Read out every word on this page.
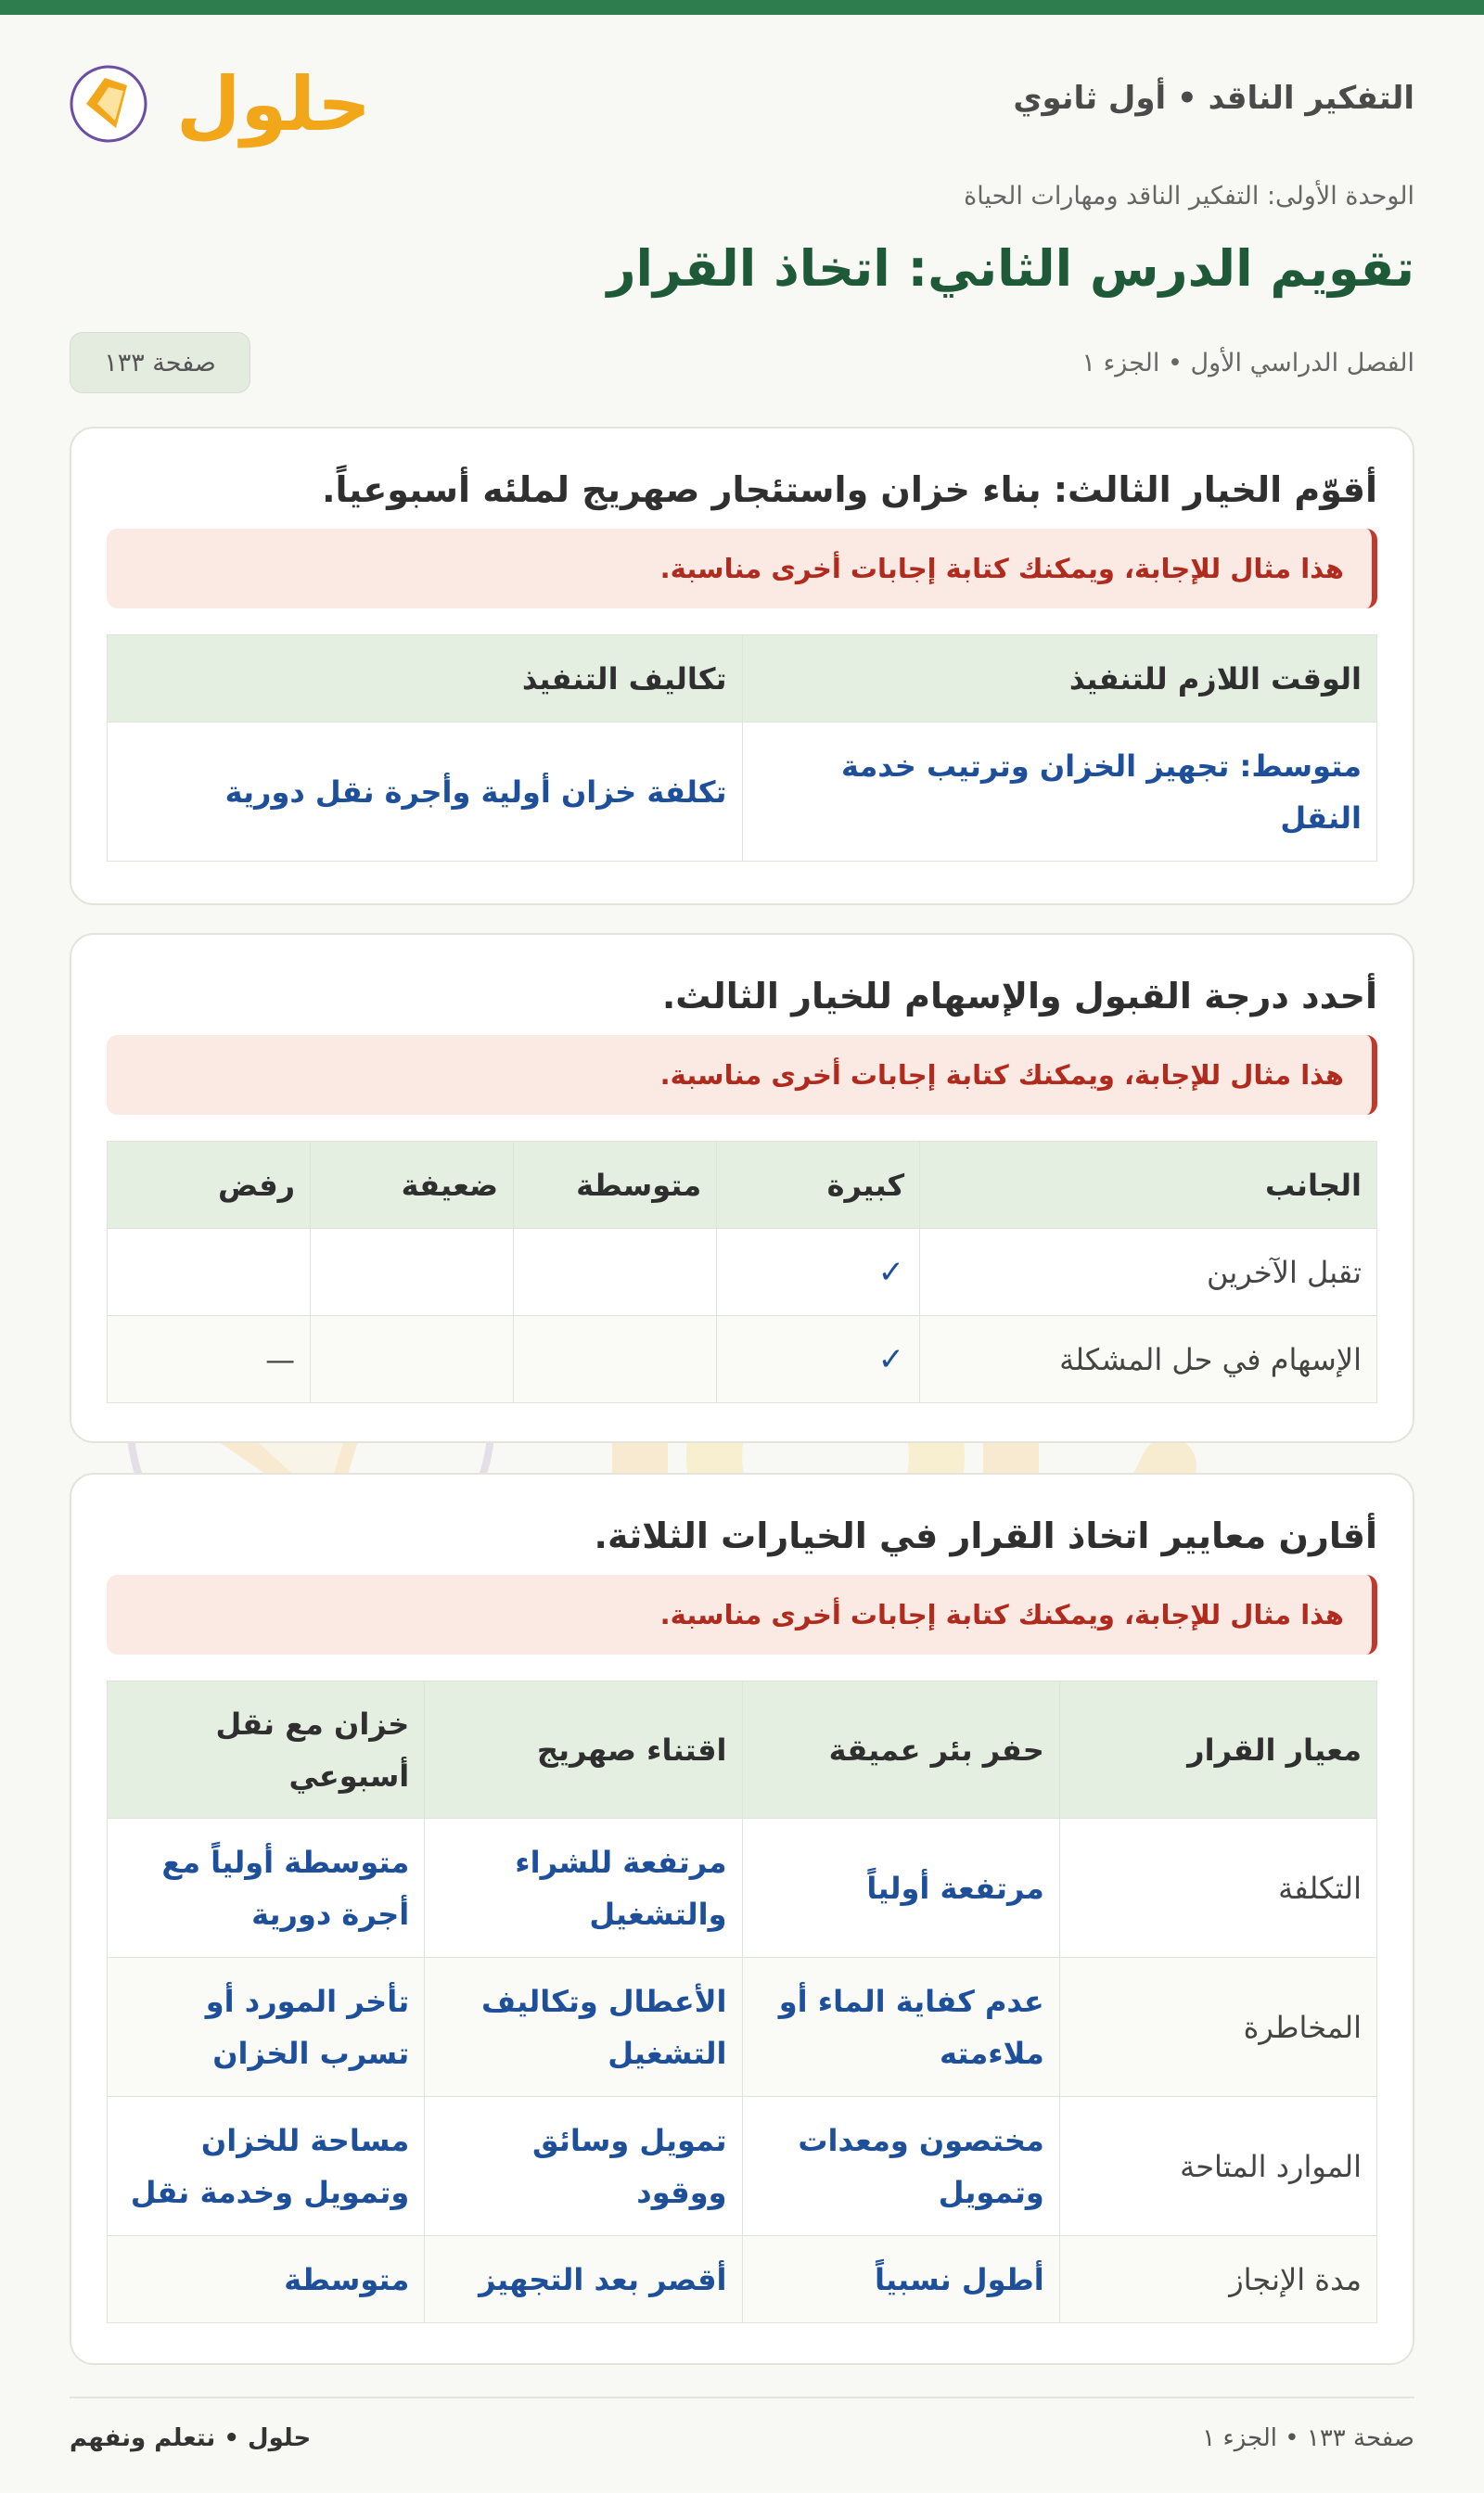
التفكير الناقد • أول ثانوي
حلول
الوحدة الأولى: التفكير الناقد ومهارات الحياة
تقويم الدرس الثاني: اتخاذ القرار
الفصل الدراسي الأول • الجزء ١
صفحة ١٣٣
أقوّم الخيار الثالث: بناء خزان واستئجار صهريج لملئه أسبوعياً.
هذا مثال للإجابة، ويمكنك كتابة إجابات أخرى مناسبة.
الوقت اللازم للتنفيذ	تكاليف التنفيذ
متوسط: تجهيز الخزان وترتيب خدمة النقل	تكلفة خزان أولية وأجرة نقل دورية
أحدد درجة القبول والإسهام للخيار الثالث.
هذا مثال للإجابة، ويمكنك كتابة إجابات أخرى مناسبة.
الجانب	كبيرة	متوسطة	ضعيفة	رفض
تقبل الآخرين	✓			
الإسهام في حل المشكلة	✓			—
أقارن معايير اتخاذ القرار في الخيارات الثلاثة.
هذا مثال للإجابة، ويمكنك كتابة إجابات أخرى مناسبة.
معيار القرار	حفر بئر عميقة	اقتناء صهريج	خزان مع نقل أسبوعي
التكلفة	مرتفعة أولياً	مرتفعة للشراء والتشغيل	متوسطة أولياً مع أجرة دورية
المخاطرة	عدم كفاية الماء أو ملاءمته	الأعطال وتكاليف التشغيل	تأخر المورد أو تسرب الخزان
الموارد المتاحة	مختصون ومعدات وتمويل	تمويل وسائق ووقود	مساحة للخزان وتمويل وخدمة نقل
مدة الإنجاز	أطول نسبياً	أقصر بعد التجهيز	متوسطة
صفحة ١٣٣ • الجزء ١
حلول • نتعلم ونفهم
